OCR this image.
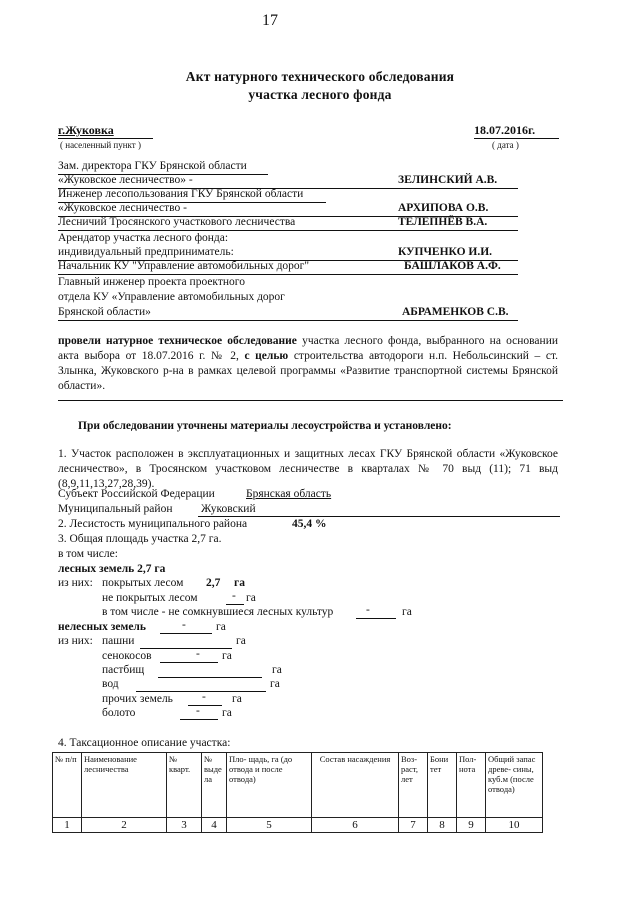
17
Акт натурного технического обследования
участка лесного фонда
г.Жуковка
( населенный пункт )
18.07.2016г.
( дата )
Зам. директора ГКУ Брянской области
«Жуковское лесничество» -	ЗЕЛИНСКИЙ А.В.
Инженер лесопользования ГКУ Брянской области
«Жуковское лесничество -	АРХИПОВА О.В.
Лесничий Тросянского участкового лесничества	ТЕЛЕПНЁВ В.А.
Арендатор участка лесного фонда:
индивидуальный предприниматель:	КУПЧЕНКО И.И.
Начальник КУ "Управление автомобильных дорог"	БАШЛАКОВ А.Ф.
Главный инженер проекта проектного
отдела КУ «Управление автомобильных дорог
Брянской области»	АБРАМЕНКОВ С.В.
провели натурное техническое обследование участка лесного фонда, выбранного на основании акта выбора от 18.07.2016 г. № 2, с целью строительства автодороги н.п. Небольсинский – ст. Злынка, Жуковского р-на в рамках целевой программы «Развитие транспортной системы Брянской области».
При обследовании уточнены материалы лесоустройства и установлено:
1. Участок расположен в эксплуатационных и защитных лесах ГКУ Брянской области «Жуковское лесничество», в Тросянском участковом лесничестве в кварталах № 70 выд (11); 71 выд (8,9,11,13,27,28,39).
Субъект Российской Федерации	Брянская область
Муниципальный район Жуковский
2. Лесистость муниципального района	45,4 %
3. Общая площадь участка 2,7 га.
в том числе:
лесных земель 2,7 га
из них: покрытых лесом 2,7 га
не покрытых лесом	- га
в том числе - не сомкнувшиеся лесных культур	-	га
нелесных земель	-	га
из них: пашни	га
сенокосов	- га
пастбищ	га
вод	га
прочих земель	- га
болото	- га
4. Таксационное описание участка:
№ п/п	Наименование лесничества	№ кварт.	№ выде ла	Пло- щадь, га (до отвода и после отвода)	Состав насаждения	Воз- раст, лет	Бони тет	Пол- нота	Общий запас древе- сины, куб.м (после отвода)
1	2	3	4	5	6	7	8	9	10
